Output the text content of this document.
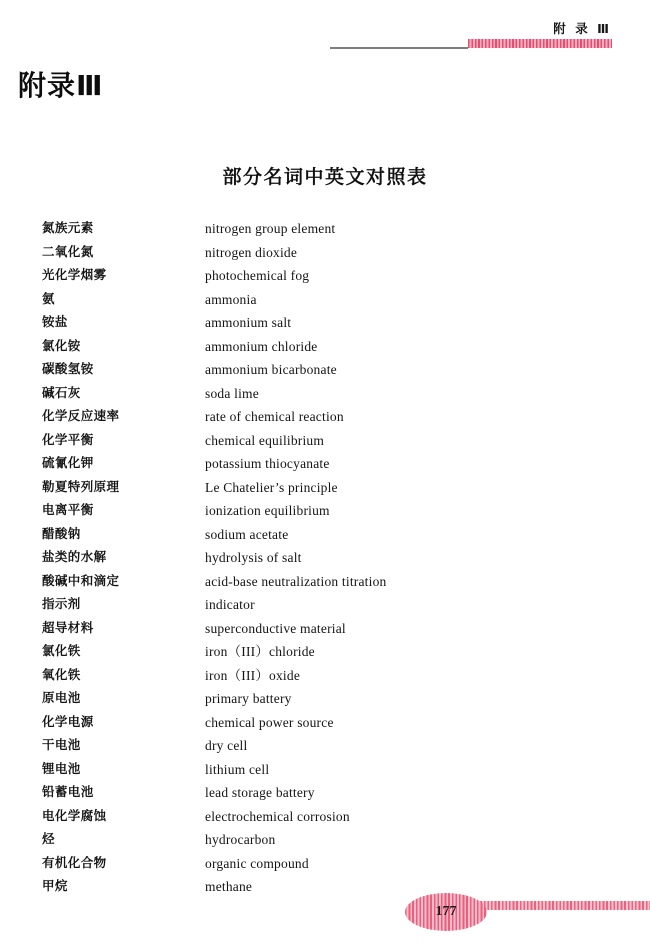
附 录 Ⅲ
附录Ⅲ
部分名词中英文对照表
氮族元素	nitrogen group element
二氧化氮	nitrogen dioxide
光化学烟雾	photochemical fog
氨	ammonia
铵盐	ammonium salt
氯化铵	ammonium chloride
碳酸氢铵	ammonium bicarbonate
碱石灰	soda lime
化学反应速率	rate of chemical reaction
化学平衡	chemical equilibrium
硫氰化钾	potassium thiocyanate
勒夏特列原理	Le Chatelier’s principle
电离平衡	ionization equilibrium
醋酸钠	sodium acetate
盐类的水解	hydrolysis of salt
酸碱中和滴定	acid-base neutralization titration
指示剂	indicator
超导材料	superconductive material
氯化铁	iron（III）chloride
氧化铁	iron（III）oxide
原电池	primary battery
化学电源	chemical power source
干电池	dry cell
锂电池	lithium cell
铅蓄电池	lead storage battery
电化学腐蚀	electrochemical corrosion
烃	hydrocarbon
有机化合物	organic compound
甲烷	methane
177
